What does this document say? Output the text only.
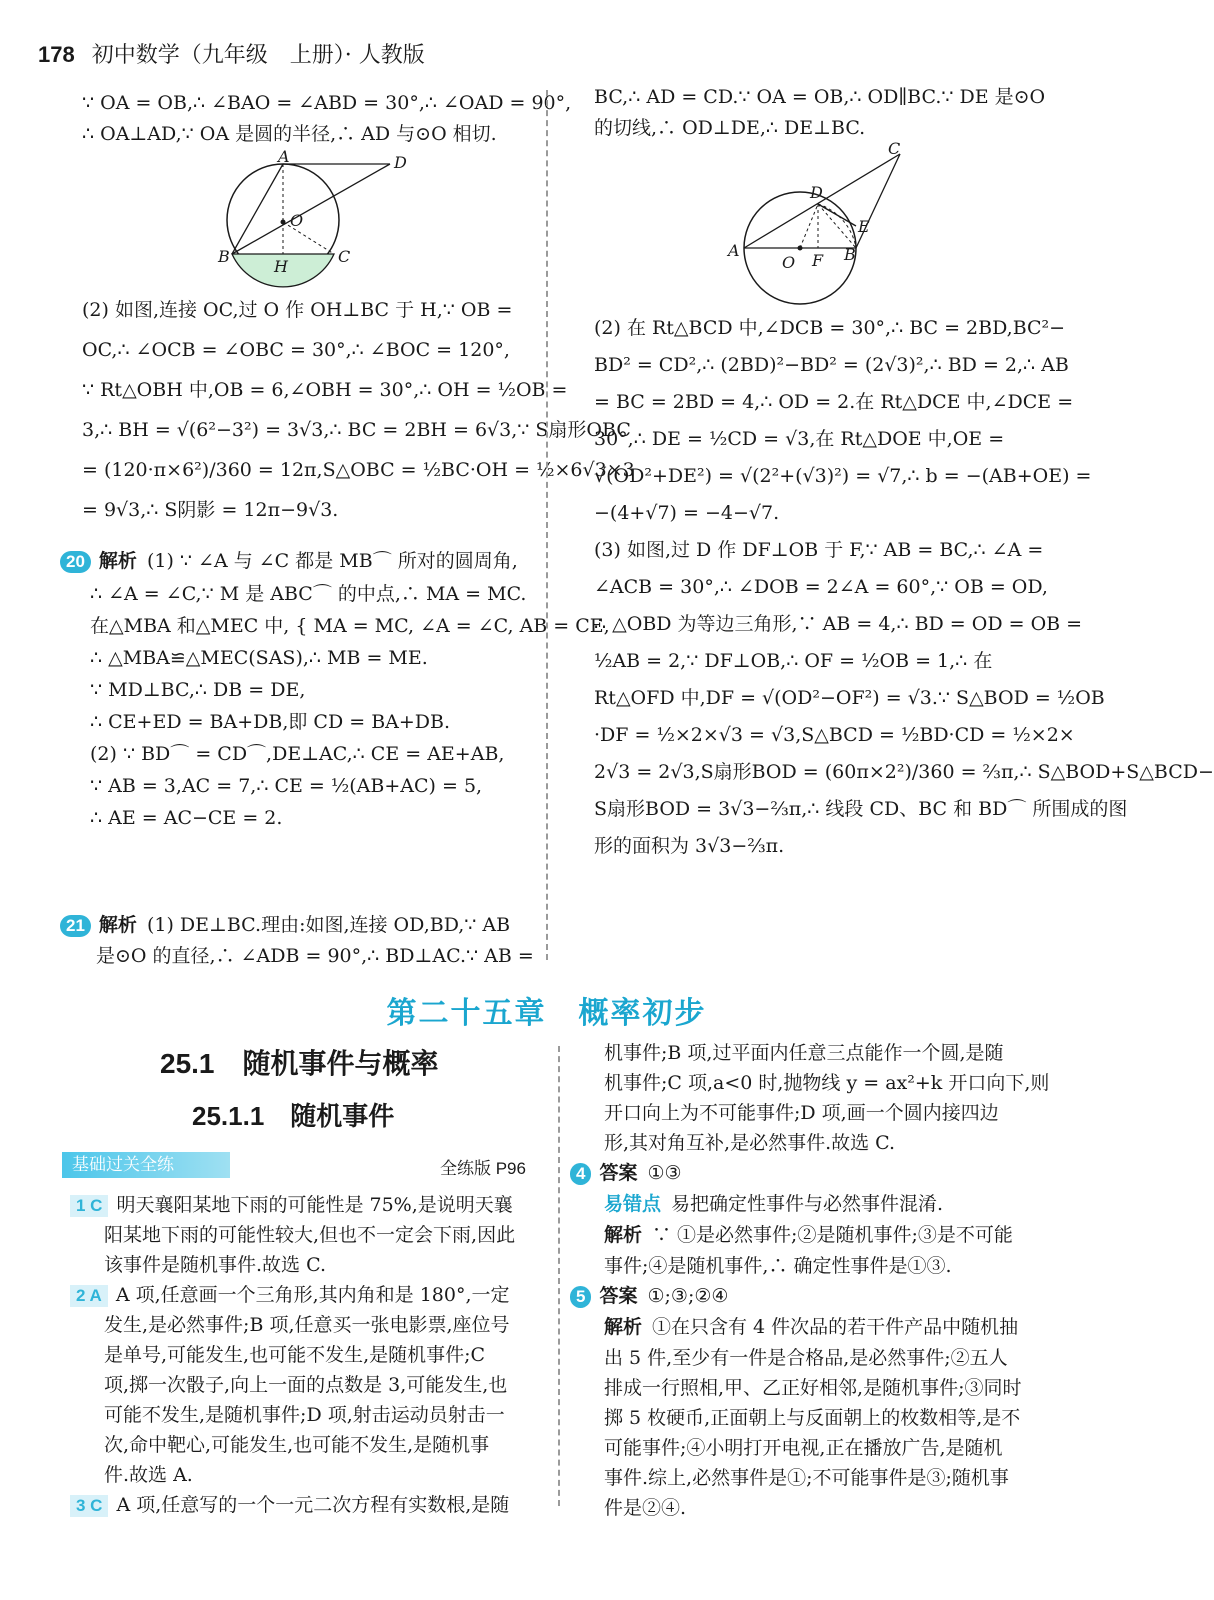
178 初中数学（九年级　上册）· 人教版

∵ OA = OB,∴ ∠BAO = ∠ABD = 30°,∴ ∠OAD = 90°,

∴ OA⊥AD,∵ OA 是圆的半径,∴ AD 与⊙O 相切.

A	D
O
B
H
C

(2) 如图,连接 OC,过 O 作 OH⊥BC 于 H,∵ OB =

OC,∴ ∠OCB = ∠OBC = 30°,∴ ∠BOC = 120°,

∵ Rt△OBH 中,OB = 6,∠OBH = 30°,∴ OH = ½OB =

3,∴ BH = √(6²−3²) = 3√3,∴ BC = 2BH = 6√3,∵ S扇形OBC

= (120·π×6²)/360 = 12π,S△OBC = ½BC·OH = ½×6√3×3

= 9√3,∴ S阴影 = 12π−9√3.

20 解析 (1) ∵ ∠A 与 ∠C 都是 MB⌒ 所对的圆周角,

∴ ∠A = ∠C,∵ M 是 ABC⌒ 的中点,∴ MA = MC.

在△MBA 和△MEC 中, { MA = MC, ∠A = ∠C, AB = CE,

∴ △MBA≌△MEC(SAS),∴ MB = ME.

∵ MD⊥BC,∴ DB = DE,

∴ CE+ED = BA+DB,即 CD = BA+DB.

(2) ∵ BD⌒ = CD⌒,DE⊥AC,∴ CE = AE+AB,

∵ AB = 3,AC = 7,∴ CE = ½(AB+AC) = 5,

∴ AE = AC−CE = 2.

21 解析 (1) DE⊥BC.理由:如图,连接 OD,BD,∵ AB

是⊙O 的直径,∴ ∠ADB = 90°,∴ BD⊥AC.∵ AB =

BC,∴ AD = CD.∵ OA = OB,∴ OD∥BC.∵ DE 是⊙O

的切线,∴ OD⊥DE,∴ DE⊥BC.

C
D
E
A
O F B

(2) 在 Rt△BCD 中,∠DCB = 30°,∴ BC = 2BD,BC²−

BD² = CD²,∴ (2BD)²−BD² = (2√3)²,∴ BD = 2,∴ AB

= BC = 2BD = 4,∴ OD = 2.在 Rt△DCE 中,∠DCE =

30°,∴ DE = ½CD = √3,在 Rt△DOE 中,OE =

√(OD²+DE²) = √(2²+(√3)²) = √7,∴ b = −(AB+OE) =

−(4+√7) = −4−√7.

(3) 如图,过 D 作 DF⊥OB 于 F,∵ AB = BC,∴ ∠A =

∠ACB = 30°,∴ ∠DOB = 2∠A = 60°,∵ OB = OD,

∴ △OBD 为等边三角形,∵ AB = 4,∴ BD = OD = OB =

½AB = 2,∵ DF⊥OB,∴ OF = ½OB = 1,∴ 在

Rt△OFD 中,DF = √(OD²−OF²) = √3.∵ S△BOD = ½OB

·DF = ½×2×√3 = √3,S△BCD = ½BD·CD = ½×2×

2√3 = 2√3,S扇形BOD = (60π×2²)/360 = ⅔π,∴ S△BOD+S△BCD−

S扇形BOD = 3√3−⅔π,∴ 线段 CD、BC 和 BD⌒ 所围成的图

形的面积为 3√3−⅔π.

第二十五章　概率初步
25.1　随机事件与概率
25.1.1　随机事件
基础过关全练	全练版 P96

1 C 明天襄阳某地下雨的可能性是 75%,是说明天襄

阳某地下雨的可能性较大,但也不一定会下雨,因此

该事件是随机事件.故选 C.

2 A A 项,任意画一个三角形,其内角和是 180°,一定

发生,是必然事件;B 项,任意买一张电影票,座位号

是单号,可能发生,也可能不发生,是随机事件;C

项,掷一次骰子,向上一面的点数是 3,可能发生,也

可能不发生,是随机事件;D 项,射击运动员射击一

次,命中靶心,可能发生,也可能不发生,是随机事

件.故选 A.

3 C A 项,任意写的一个一元二次方程有实数根,是随

机事件;B 项,过平面内任意三点能作一个圆,是随

机事件;C 项,a<0 时,抛物线 y = ax²+k 开口向下,则

开口向上为不可能事件;D 项,画一个圆内接四边

形,其对角互补,是必然事件.故选 C.

4 答案 ①③

易错点 易把确定性事件与必然事件混淆.

解析 ∵ ①是必然事件;②是随机事件;③是不可能

事件;④是随机事件,∴ 确定性事件是①③.

5 答案 ①;③;②④

解析 ①在只含有 4 件次品的若干件产品中随机抽

出 5 件,至少有一件是合格品,是必然事件;②五人

排成一行照相,甲、乙正好相邻,是随机事件;③同时

掷 5 枚硬币,正面朝上与反面朝上的枚数相等,是不

可能事件;④小明打开电视,正在播放广告,是随机

事件.综上,必然事件是①;不可能事件是③;随机事

件是②④.
